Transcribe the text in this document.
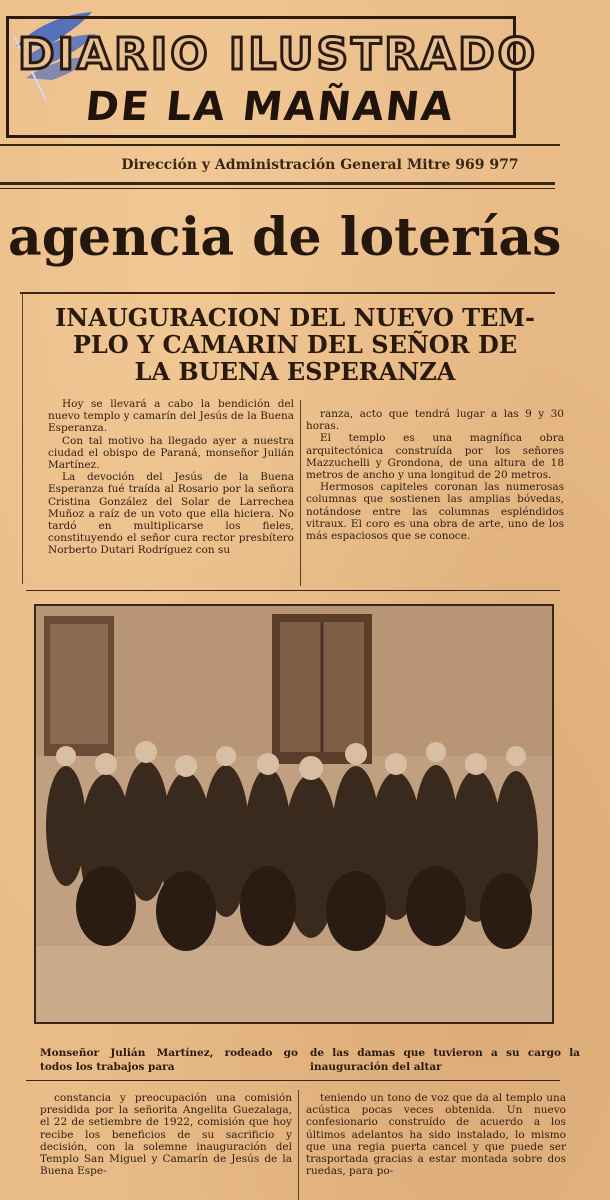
DIARIO ILUSTRADO
DE LA MAÑANA
Dirección y Administración General Mitre 969 977
agencia de loterías
INAUGURACION DEL NUEVO TEM-
PLO Y CAMARIN DEL SEÑOR DE
LA BUENA ESPERANZA

Hoy se llevará a cabo la bendición del nuevo templo y camarín del Jesús de la Buena Esperanza.

Con tal motivo ha llegado ayer a nuestra ciudad el obispo de Paraná, monseñor Julián Martínez.

La devoción del Jesús de la Buena Esperanza fué traída al Rosario por la señora Cristina González del Solar de Larrechea Muñoz a raíz de un voto que ella hiciera. No tardó en multiplicarse los fieles, constituyendo el señor cura rector presbítero Norberto Dutari Rodríguez con su

ranza, acto que tendrá lugar a las 9 y 30 horas.

El templo es una magnífica obra arquitectónica construída por los señores Mazzuchelli y Grondona, de una altura de 18 metros de ancho y una longitud de 20 metros.

Hermosos capiteles coronan las numerosas columnas que sostienen las amplias bóvedas, notándose entre las columnas espléndidos vitraux. El coro es una obra de arte, uno de los más espaciosos que se conoce.

Monseñor Julián Martínez, rodeado go todos los trabajos para
de las damas que tuvieron a su cargo la inauguración del altar

constancia y preocupación una comisión presidida por la señorita Angelita Guezalaga, el 22 de setiembre de 1922, comisión que hoy recibe los beneficios de su sacrificio y decisión, con la solemne inauguración del Templo San Miguel y Camarín de Jesús de la Buena Espe-

teniendo un tono de voz que da al templo una acústica pocas veces obtenida. Un nuevo confesionario construído de acuerdo a los últimos adelantos ha sido instalado, lo mismo que una regia puerta cancel y que puede ser trasportada gracias a estar montada sobre dos ruedas, para po-
